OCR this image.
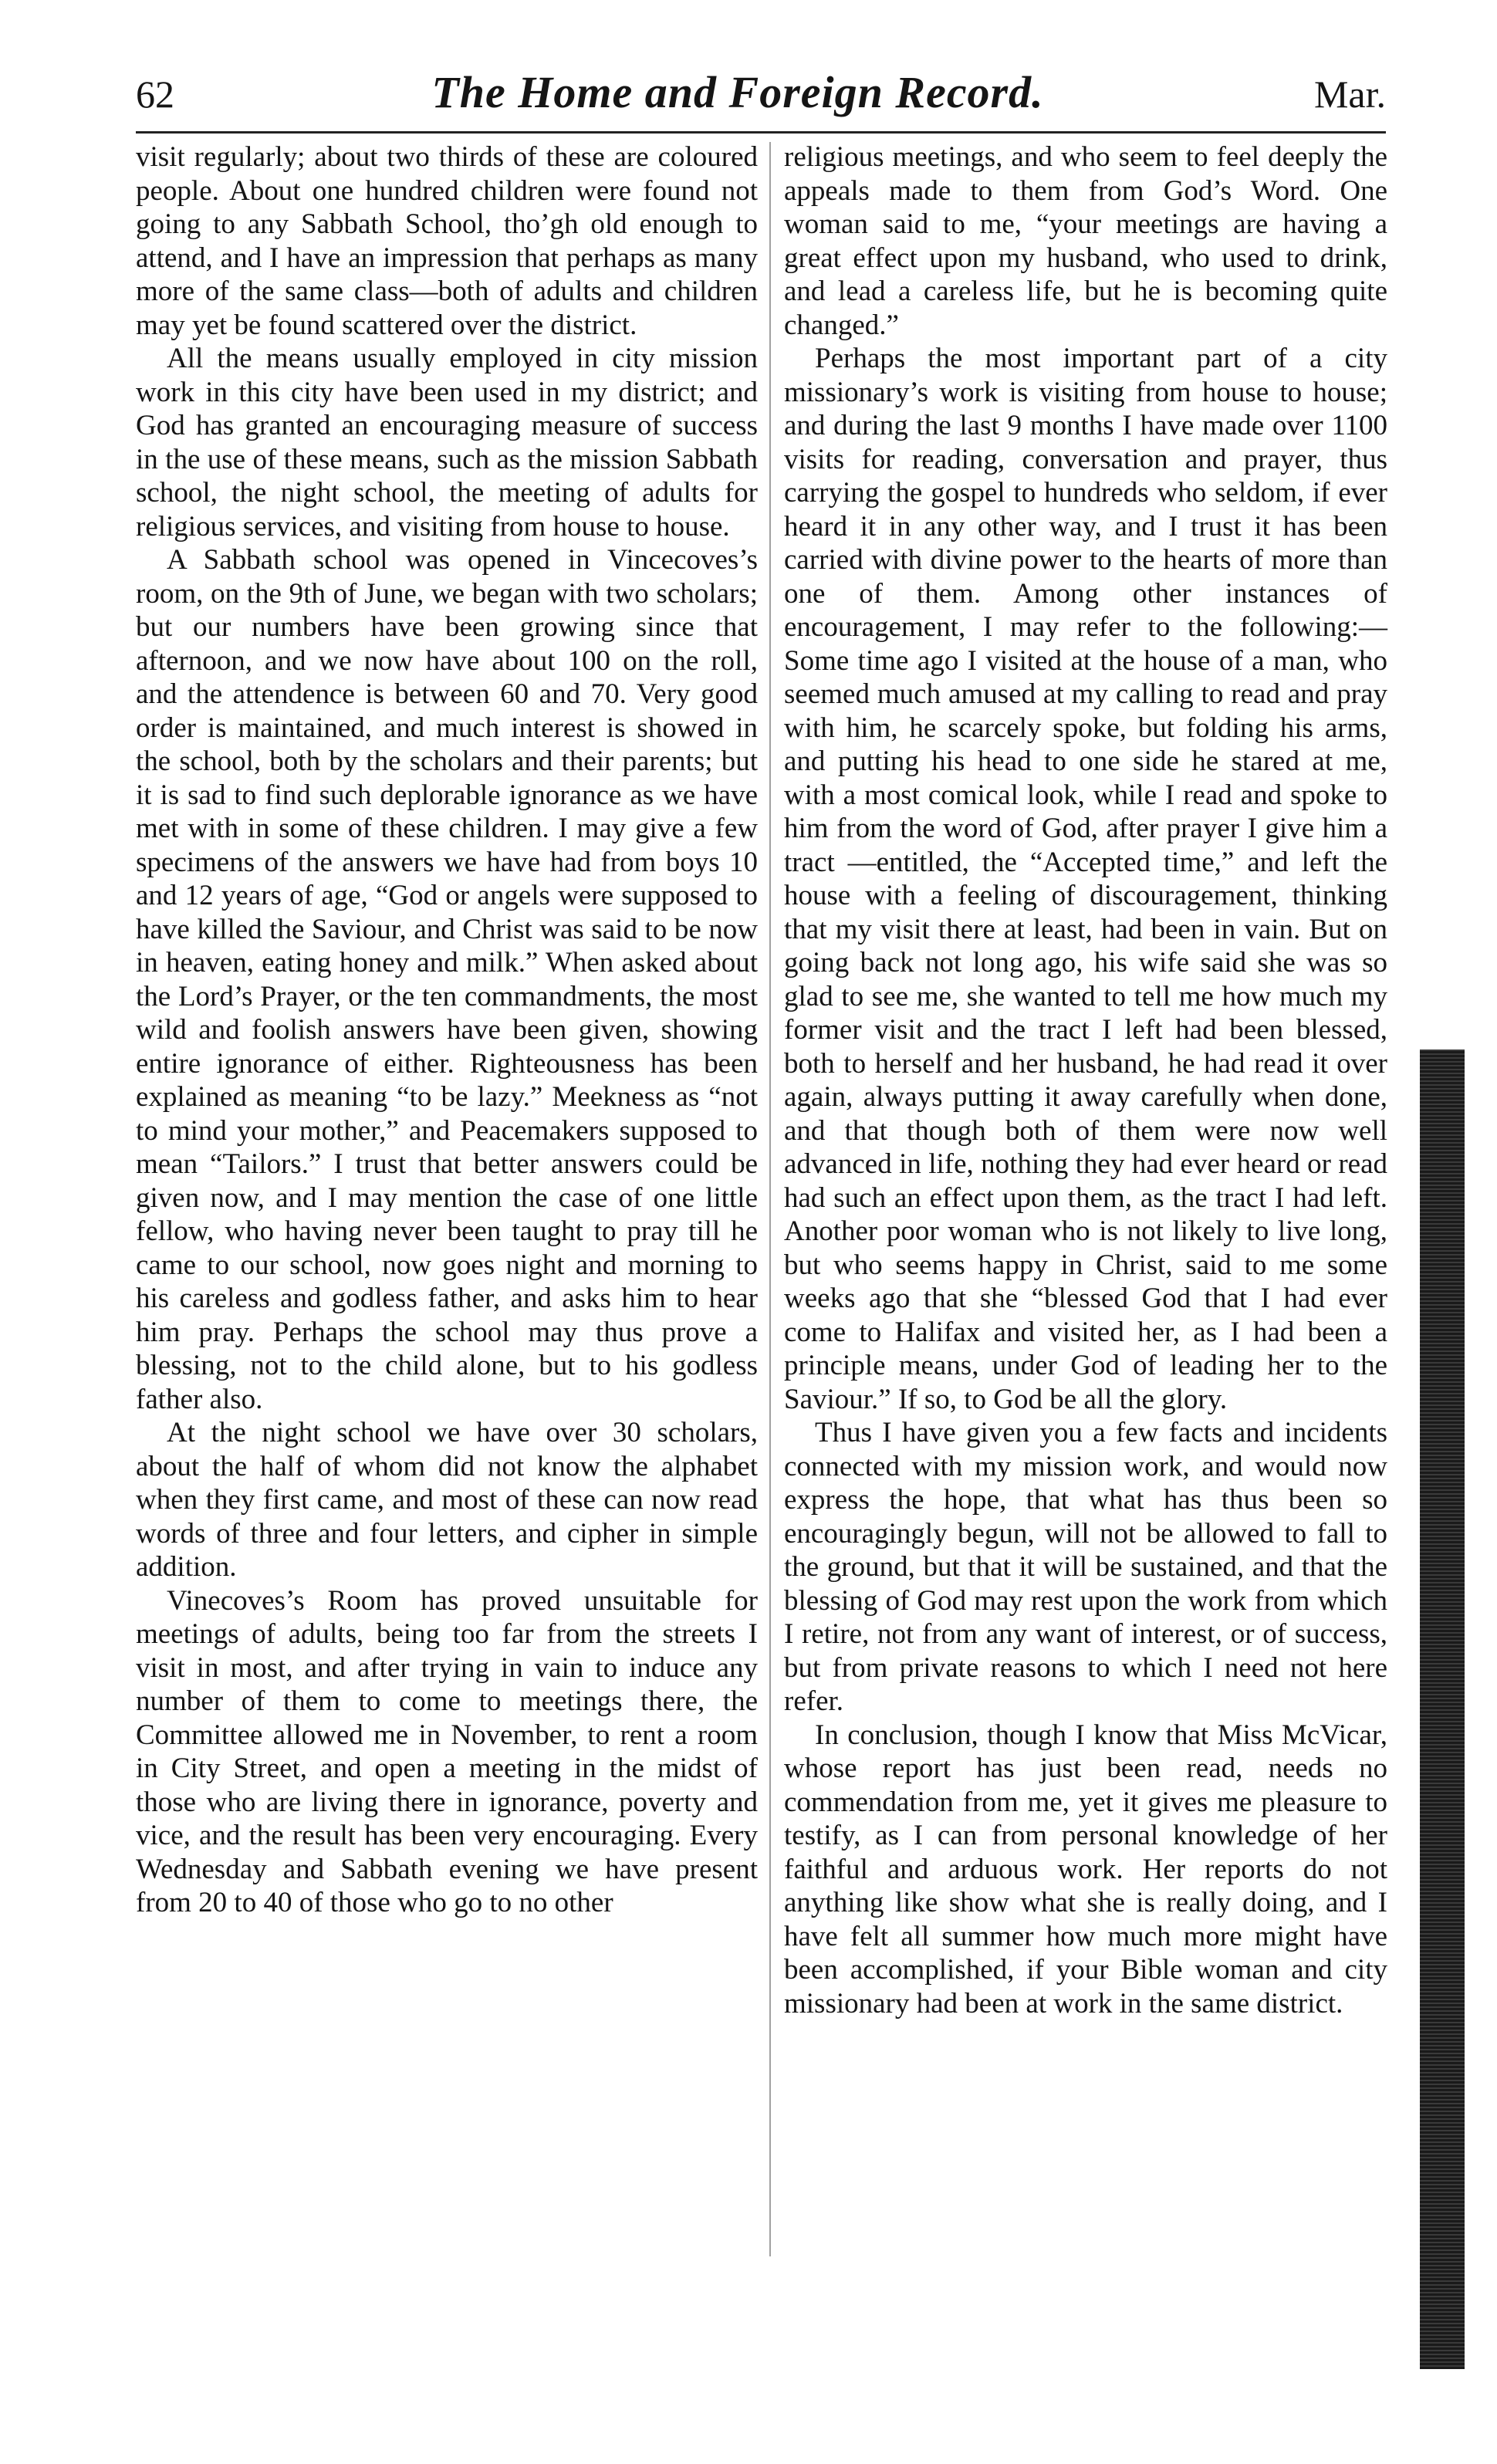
62	The Home and Foreign Record.	Mar.

visit regularly; about two thirds of these are coloured people. About one hundred children were found not going to any Sabbath School, tho’gh old enough to attend, and I have an impression that perhaps as many more of the same class—both of adults and children may yet be found scattered over the district.

All the means usually employed in city mission work in this city have been used in my district; and God has granted an encouraging measure of success in the use of these means, such as the mission Sabbath school, the night school, the meeting of adults for religious services, and visiting from house to house.

A Sabbath school was opened in Vincecoves’s room, on the 9th of June, we began with two scholars; but our numbers have been growing since that afternoon, and we now have about 100 on the roll, and the attendence is between 60 and 70. Very good order is maintained, and much interest is showed in the school, both by the scholars and their parents; but it is sad to find such deplorable ignorance as we have met with in some of these children. I may give a few specimens of the answers we have had from boys 10 and 12 years of age, “God or angels were supposed to have killed the Saviour, and Christ was said to be now in heaven, eating honey and milk.” When asked about the Lord’s Prayer, or the ten commandments, the most wild and foolish answers have been given, showing entire ignorance of either. Righteousness has been explained as meaning “to be lazy.” Meekness as “not to mind your mother,” and Peacemakers supposed to mean “Tailors.” I trust that better answers could be given now, and I may mention the case of one little fellow, who having never been taught to pray till he came to our school, now goes night and morning to his careless and godless father, and asks him to hear him pray. Perhaps the school may thus prove a blessing, not to the child alone, but to his godless father also.

At the night school we have over 30 scholars, about the half of whom did not know the alphabet when they first came, and most of these can now read words of three and four letters, and cipher in simple addition.

Vinecoves’s Room has proved unsuitable for meetings of adults, being too far from the streets I visit in most, and after trying in vain to induce any number of them to come to meetings there, the Committee allowed me in November, to rent a room in City Street, and open a meeting in the midst of those who are living there in ignorance, poverty and vice, and the result has been very encouraging. Every Wednesday and Sabbath evening we have present from 20 to 40 of those who go to no other

religious meetings, and who seem to feel deeply the appeals made to them from God’s Word. One woman said to me, “your meetings are having a great effect upon my husband, who used to drink, and lead a careless life, but he is becoming quite changed.”

Perhaps the most important part of a city missionary’s work is visiting from house to house; and during the last 9 months I have made over 1100 visits for reading, conversation and prayer, thus carrying the gospel to hundreds who seldom, if ever heard it in any other way, and I trust it has been carried with divine power to the hearts of more than one of them. Among other instances of encouragement, I may refer to the following:—Some time ago I visited at the house of a man, who seemed much amused at my calling to read and pray with him, he scarcely spoke, but folding his arms, and putting his head to one side he stared at me, with a most comical look, while I read and spoke to him from the word of God, after prayer I give him a tract —entitled, the “Accepted time,” and left the house with a feeling of discouragement, thinking that my visit there at least, had been in vain. But on going back not long ago, his wife said she was so glad to see me, she wanted to tell me how much my former visit and the tract I left had been blessed, both to herself and her husband, he had read it over again, always putting it away carefully when done, and that though both of them were now well advanced in life, nothing they had ever heard or read had such an effect upon them, as the tract I had left. Another poor woman who is not likely to live long, but who seems happy in Christ, said to me some weeks ago that she “blessed God that I had ever come to Halifax and visited her, as I had been a principle means, under God of leading her to the Saviour.” If so, to God be all the glory.

Thus I have given you a few facts and incidents connected with my mission work, and would now express the hope, that what has thus been so encouragingly begun, will not be allowed to fall to the ground, but that it will be sustained, and that the blessing of God may rest upon the work from which I retire, not from any want of interest, or of success, but from private reasons to which I need not here refer.

In conclusion, though I know that Miss McVicar, whose report has just been read, needs no commendation from me, yet it gives me pleasure to testify, as I can from personal knowledge of her faithful and arduous work. Her reports do not anything like show what she is really doing, and I have felt all summer how much more might have been accomplished, if your Bible woman and city missionary had been at work in the same district.
